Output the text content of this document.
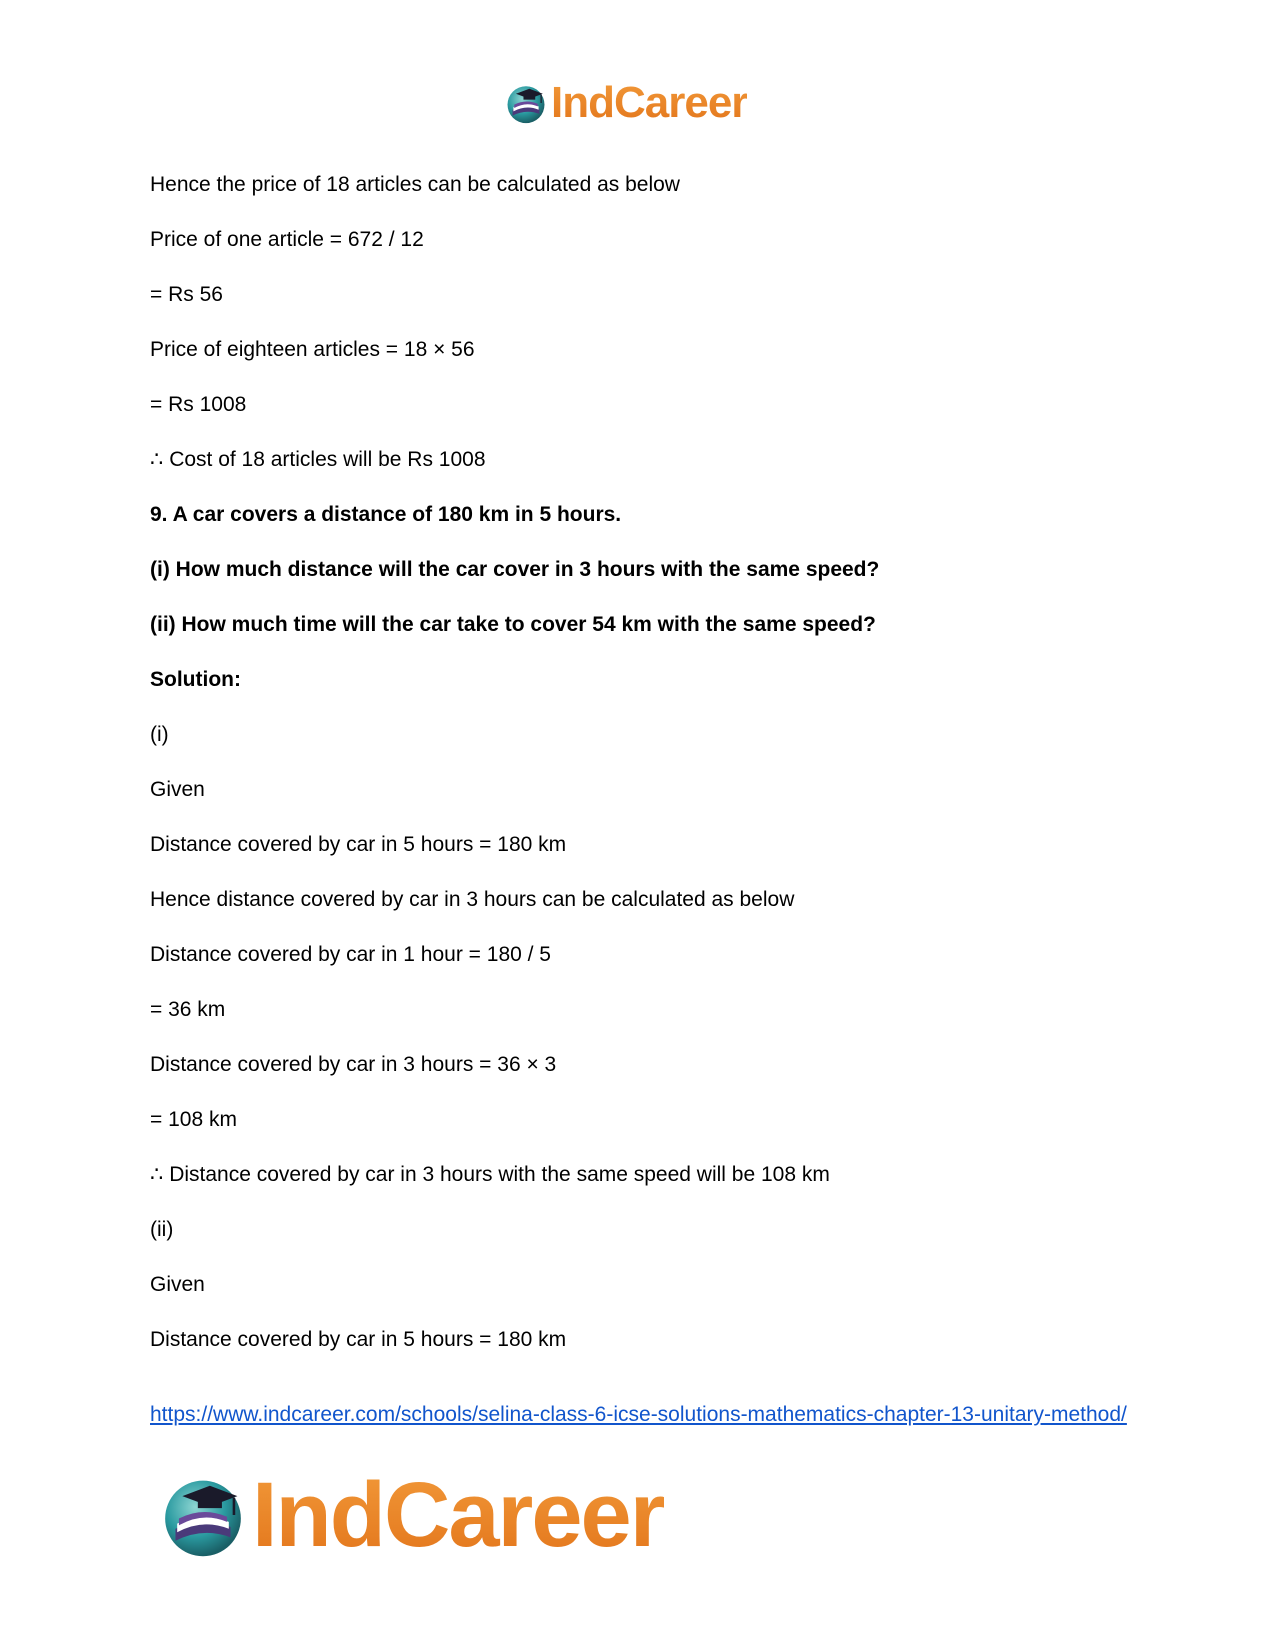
IndCareer
Hence the price of 18 articles can be calculated as below
Price of one article = 672 / 12
= Rs 56
Price of eighteen articles = 18 × 56
= Rs 1008
∴ Cost of 18 articles will be Rs 1008
9. A car covers a distance of 180 km in 5 hours.
(i) How much distance will the car cover in 3 hours with the same speed?
(ii) How much time will the car take to cover 54 km with the same speed?
Solution:
(i)
Given
Distance covered by car in 5 hours = 180 km
Hence distance covered by car in 3 hours can be calculated as below
Distance covered by car in 1 hour = 180 / 5
= 36 km
Distance covered by car in 3 hours = 36 × 3
= 108 km
∴ Distance covered by car in 3 hours with the same speed will be 108 km
(ii)
Given
Distance covered by car in 5 hours = 180 km
https://www.indcareer.com/schools/selina-class-6-icse-solutions-mathematics-chapter-13-unitary-method/
IndCareer
